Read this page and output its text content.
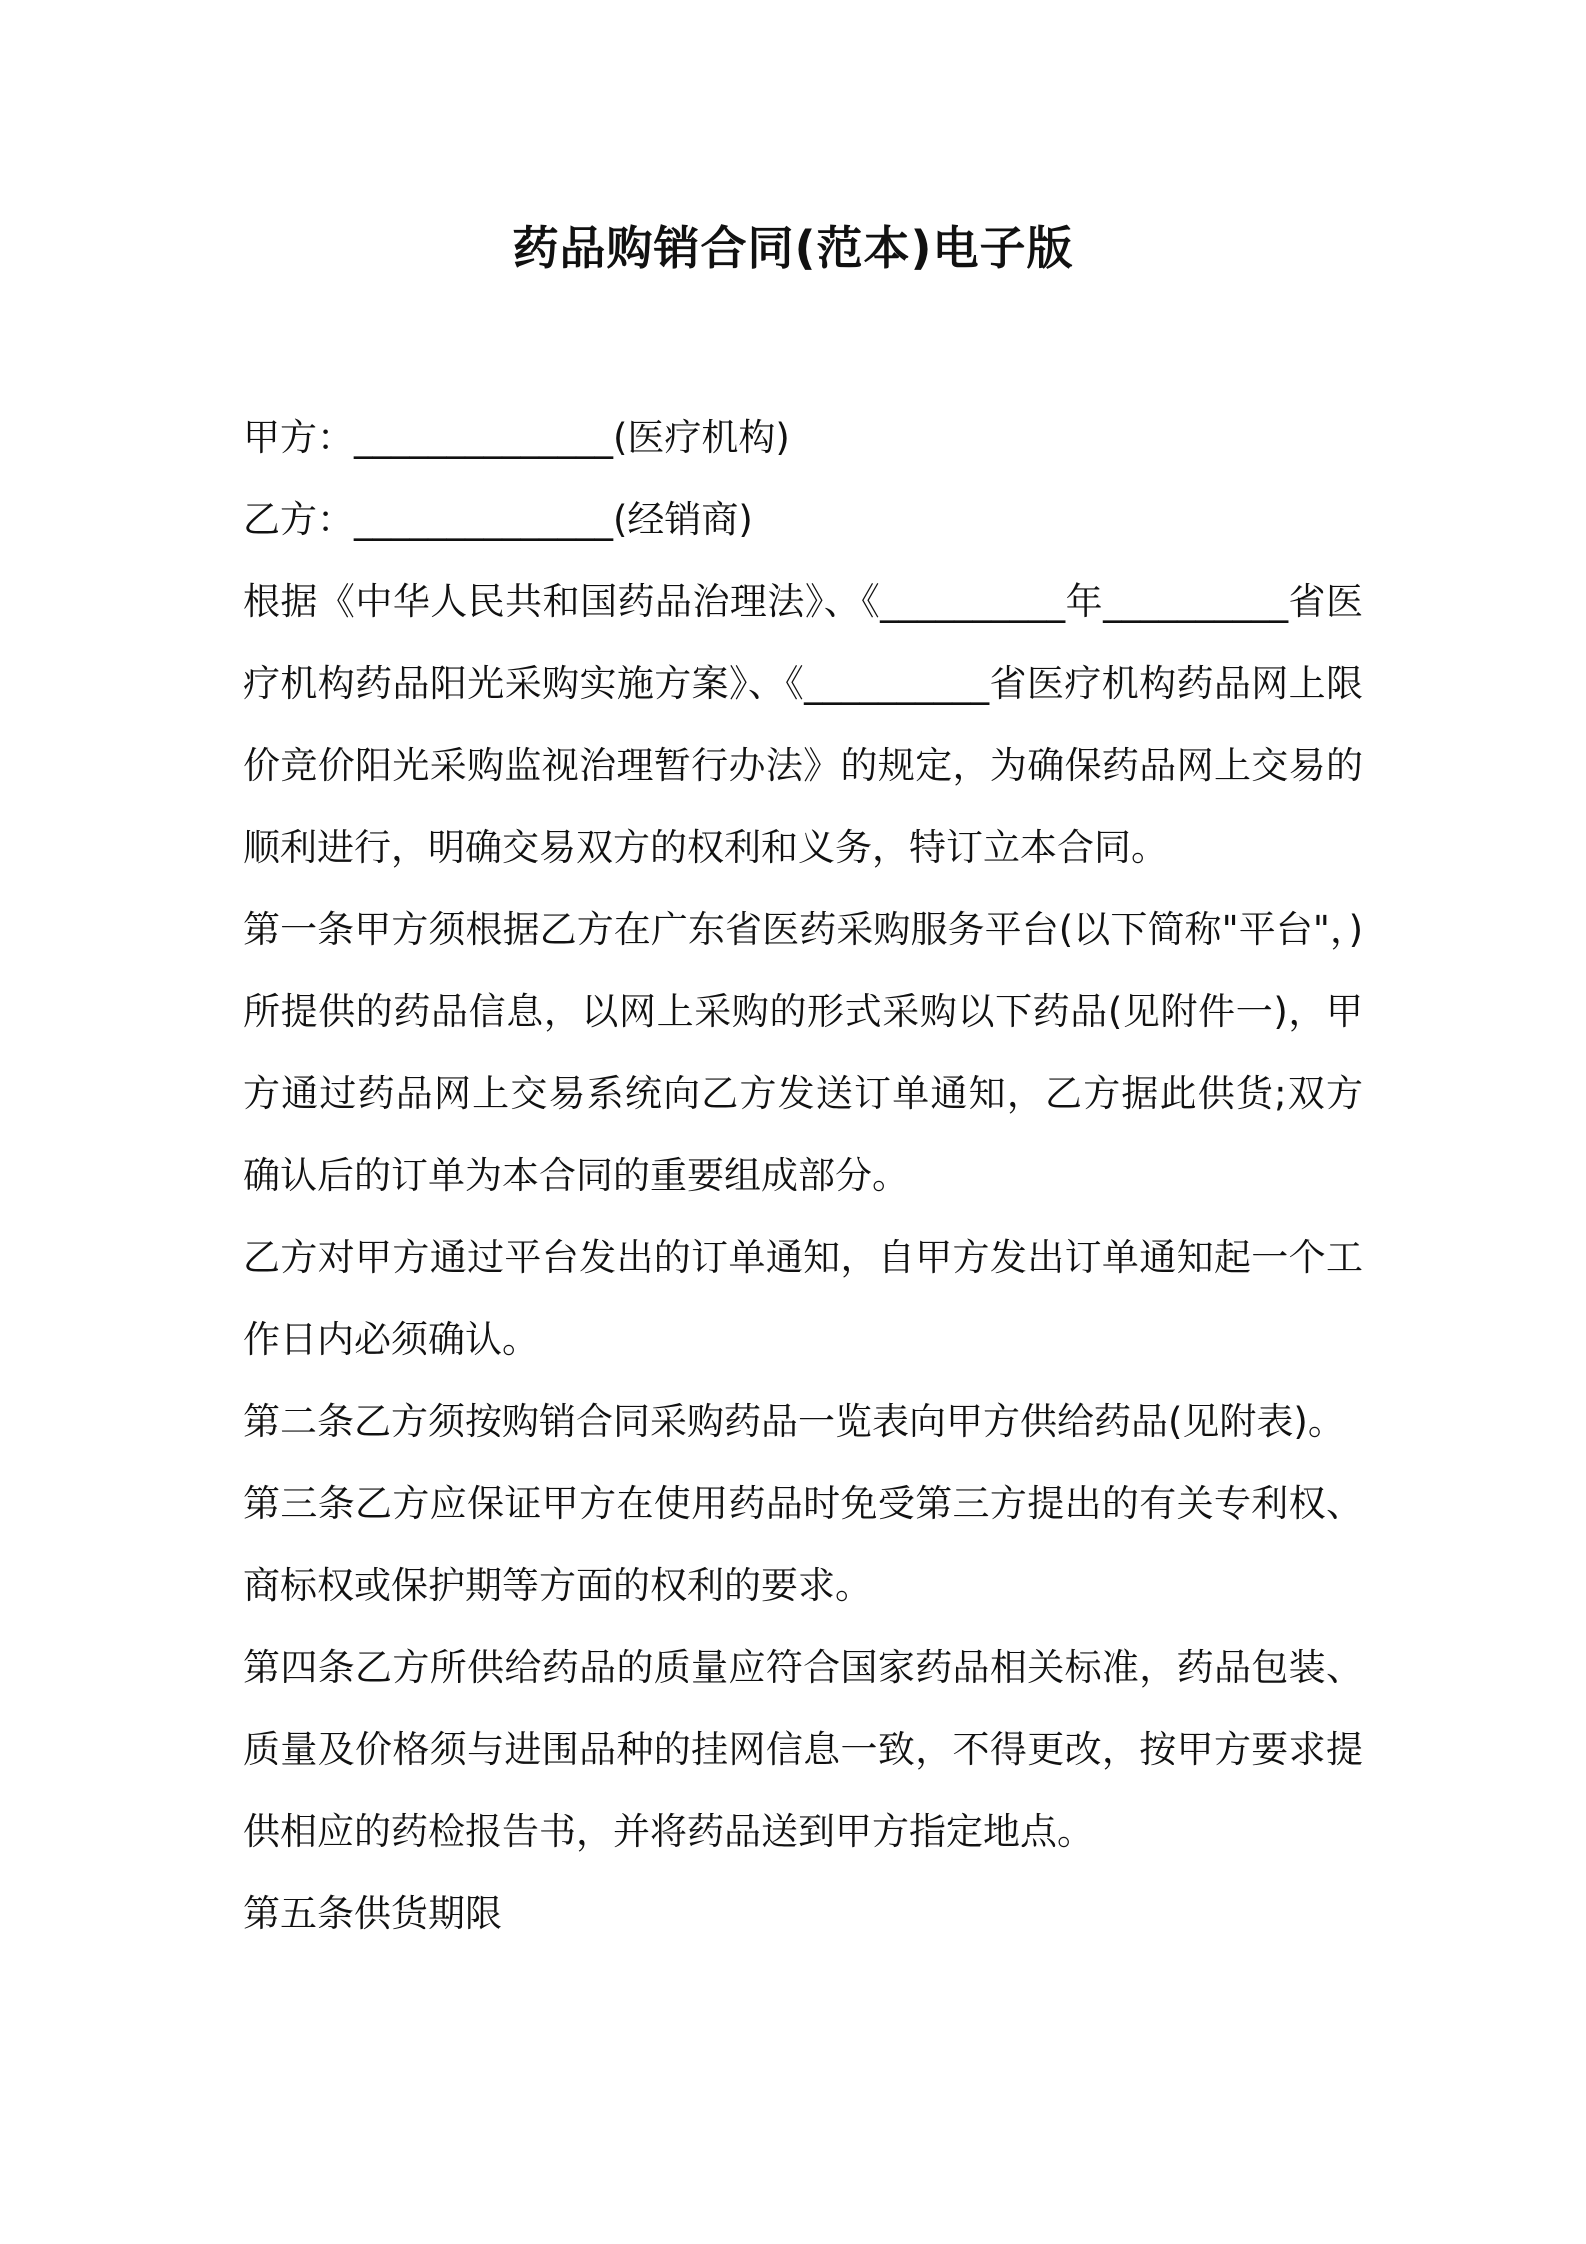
药品购销合同(范本)电子版

甲方：______________(医疗机构)

乙方：______________(经销商)

根据《中华人民共和国药品治理法》、《__________年__________省医疗机构药品阳光采购实施方案》、《__________省医疗机构药品网上限价竞价阳光采购监视治理暂行办法》的规定，为确保药品网上交易的顺利进行，明确交易双方的权利和义务，特订立本合同。

第一条甲方须根据乙方在广东省医药采购服务平台(以下简称"平台"，)所提供的药品信息，以网上采购的形式采购以下药品(见附件一)，甲方通过药品网上交易系统向乙方发送订单通知，乙方据此供货;双方确认后的订单为本合同的重要组成部分。

乙方对甲方通过平台发出的订单通知，自甲方发出订单通知起一个工作日内必须确认。

第二条乙方须按购销合同采购药品一览表向甲方供给药品(见附表)。

第三条乙方应保证甲方在使用药品时免受第三方提出的有关专利权、商标权或保护期等方面的权利的要求。

第四条乙方所供给药品的质量应符合国家药品相关标准，药品包装、质量及价格须与进围品种的挂网信息一致，不得更改，按甲方要求提供相应的药检报告书，并将药品送到甲方指定地点。

第五条供货期限
